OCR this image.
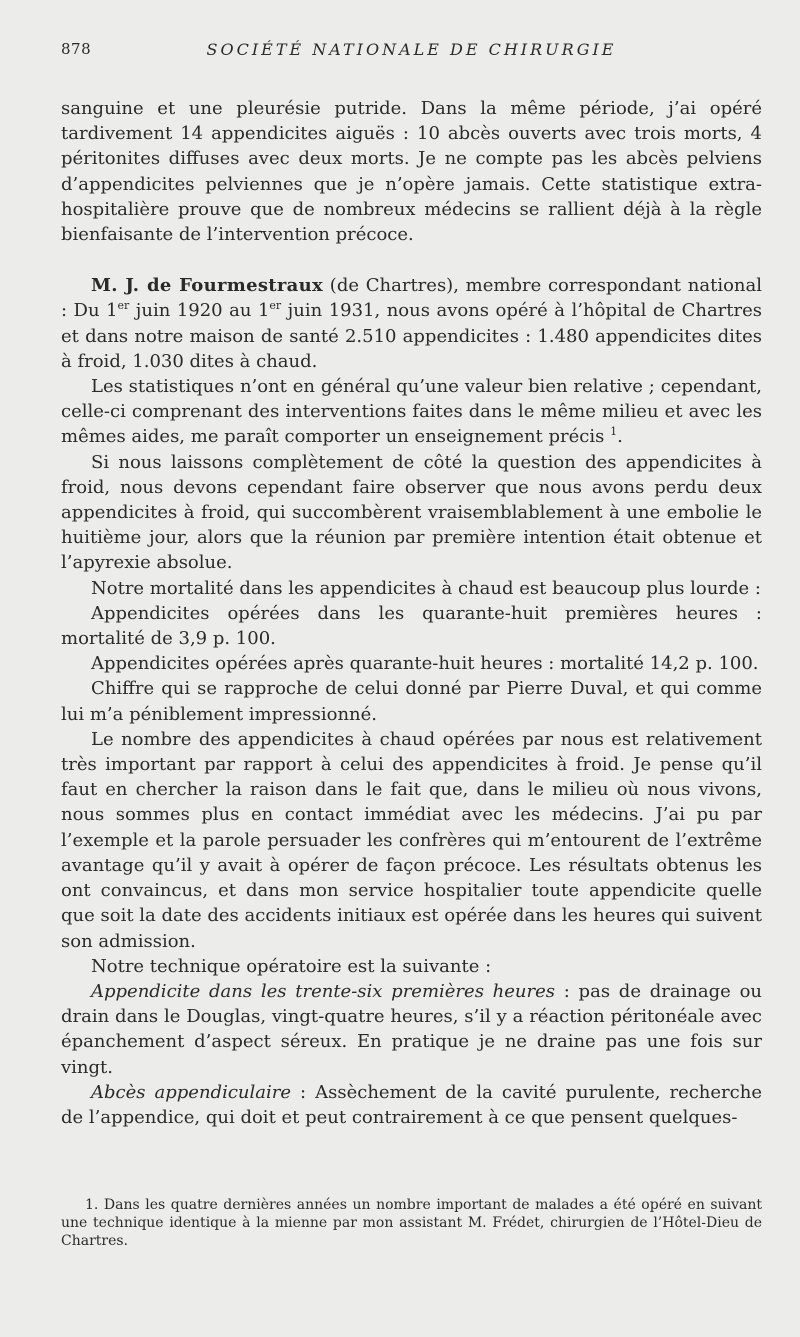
878	SOCIÉTÉ NATIONALE DE CHIRURGIE

sanguine et une pleurésie putride. Dans la même période, j’ai opéré tardivement 14 appendicites aiguës : 10 abcès ouverts avec trois morts, 4 péritonites diffuses avec deux morts. Je ne compte pas les abcès pelviens d’appendicites pelviennes que je n’opère jamais. Cette statistique extra-hospitalière prouve que de nombreux médecins se rallient déjà à la règle bienfaisante de l’intervention précoce.

M. J. de Fourmestraux (de Chartres), membre correspondant national : Du 1er juin 1920 au 1er juin 1931, nous avons opéré à l’hôpital de Chartres et dans notre maison de santé 2.510 appendicites : 1.480 appendicites dites à froid, 1.030 dites à chaud.

Les statistiques n’ont en général qu’une valeur bien relative ; cependant, celle-ci comprenant des interventions faites dans le même milieu et avec les mêmes aides, me paraît comporter un enseignement précis $^1$.

Si nous laissons complètement de côté la question des appendicites à froid, nous devons cependant faire observer que nous avons perdu deux appendicites à froid, qui succombèrent vraisemblablement à une embolie le huitième jour, alors que la réunion par première intention était obtenue et l’apyrexie absolue.

Notre mortalité dans les appendicites à chaud est beaucoup plus lourde :

Appendicites opérées dans les quarante-huit premières heures : mortalité de 3,9 p. 100.

Appendicites opérées après quarante-huit heures : mortalité 14,2 p. 100.

Chiffre qui se rapproche de celui donné par Pierre Duval, et qui comme lui m’a péniblement impressionné.

Le nombre des appendicites à chaud opérées par nous est relativement très important par rapport à celui des appendicites à froid. Je pense qu’il faut en chercher la raison dans le fait que, dans le milieu où nous vivons, nous sommes plus en contact immédiat avec les médecins. J’ai pu par l’exemple et la parole persuader les confrères qui m’entourent de l’extrême avantage qu’il y avait à opérer de façon précoce. Les résultats obtenus les ont convaincus, et dans mon service hospitalier toute appendicite quelle que soit la date des accidents initiaux est opérée dans les heures qui suivent son admission.

Notre technique opératoire est la suivante :

Appendicite dans les trente-six premières heures : pas de drainage ou drain dans le Douglas, vingt-quatre heures, s’il y a réaction péritonéale avec épanchement d’aspect séreux. En pratique je ne draine pas une fois sur vingt.

Abcès appendiculaire : Assèchement de la cavité purulente, recherche de l’appendice, qui doit et peut contrairement à ce que pensent quelques-

1. Dans les quatre dernières années un nombre important de malades a été opéré en suivant une technique identique à la mienne par mon assistant M. Frédet, chirurgien de l’Hôtel-Dieu de Chartres.
